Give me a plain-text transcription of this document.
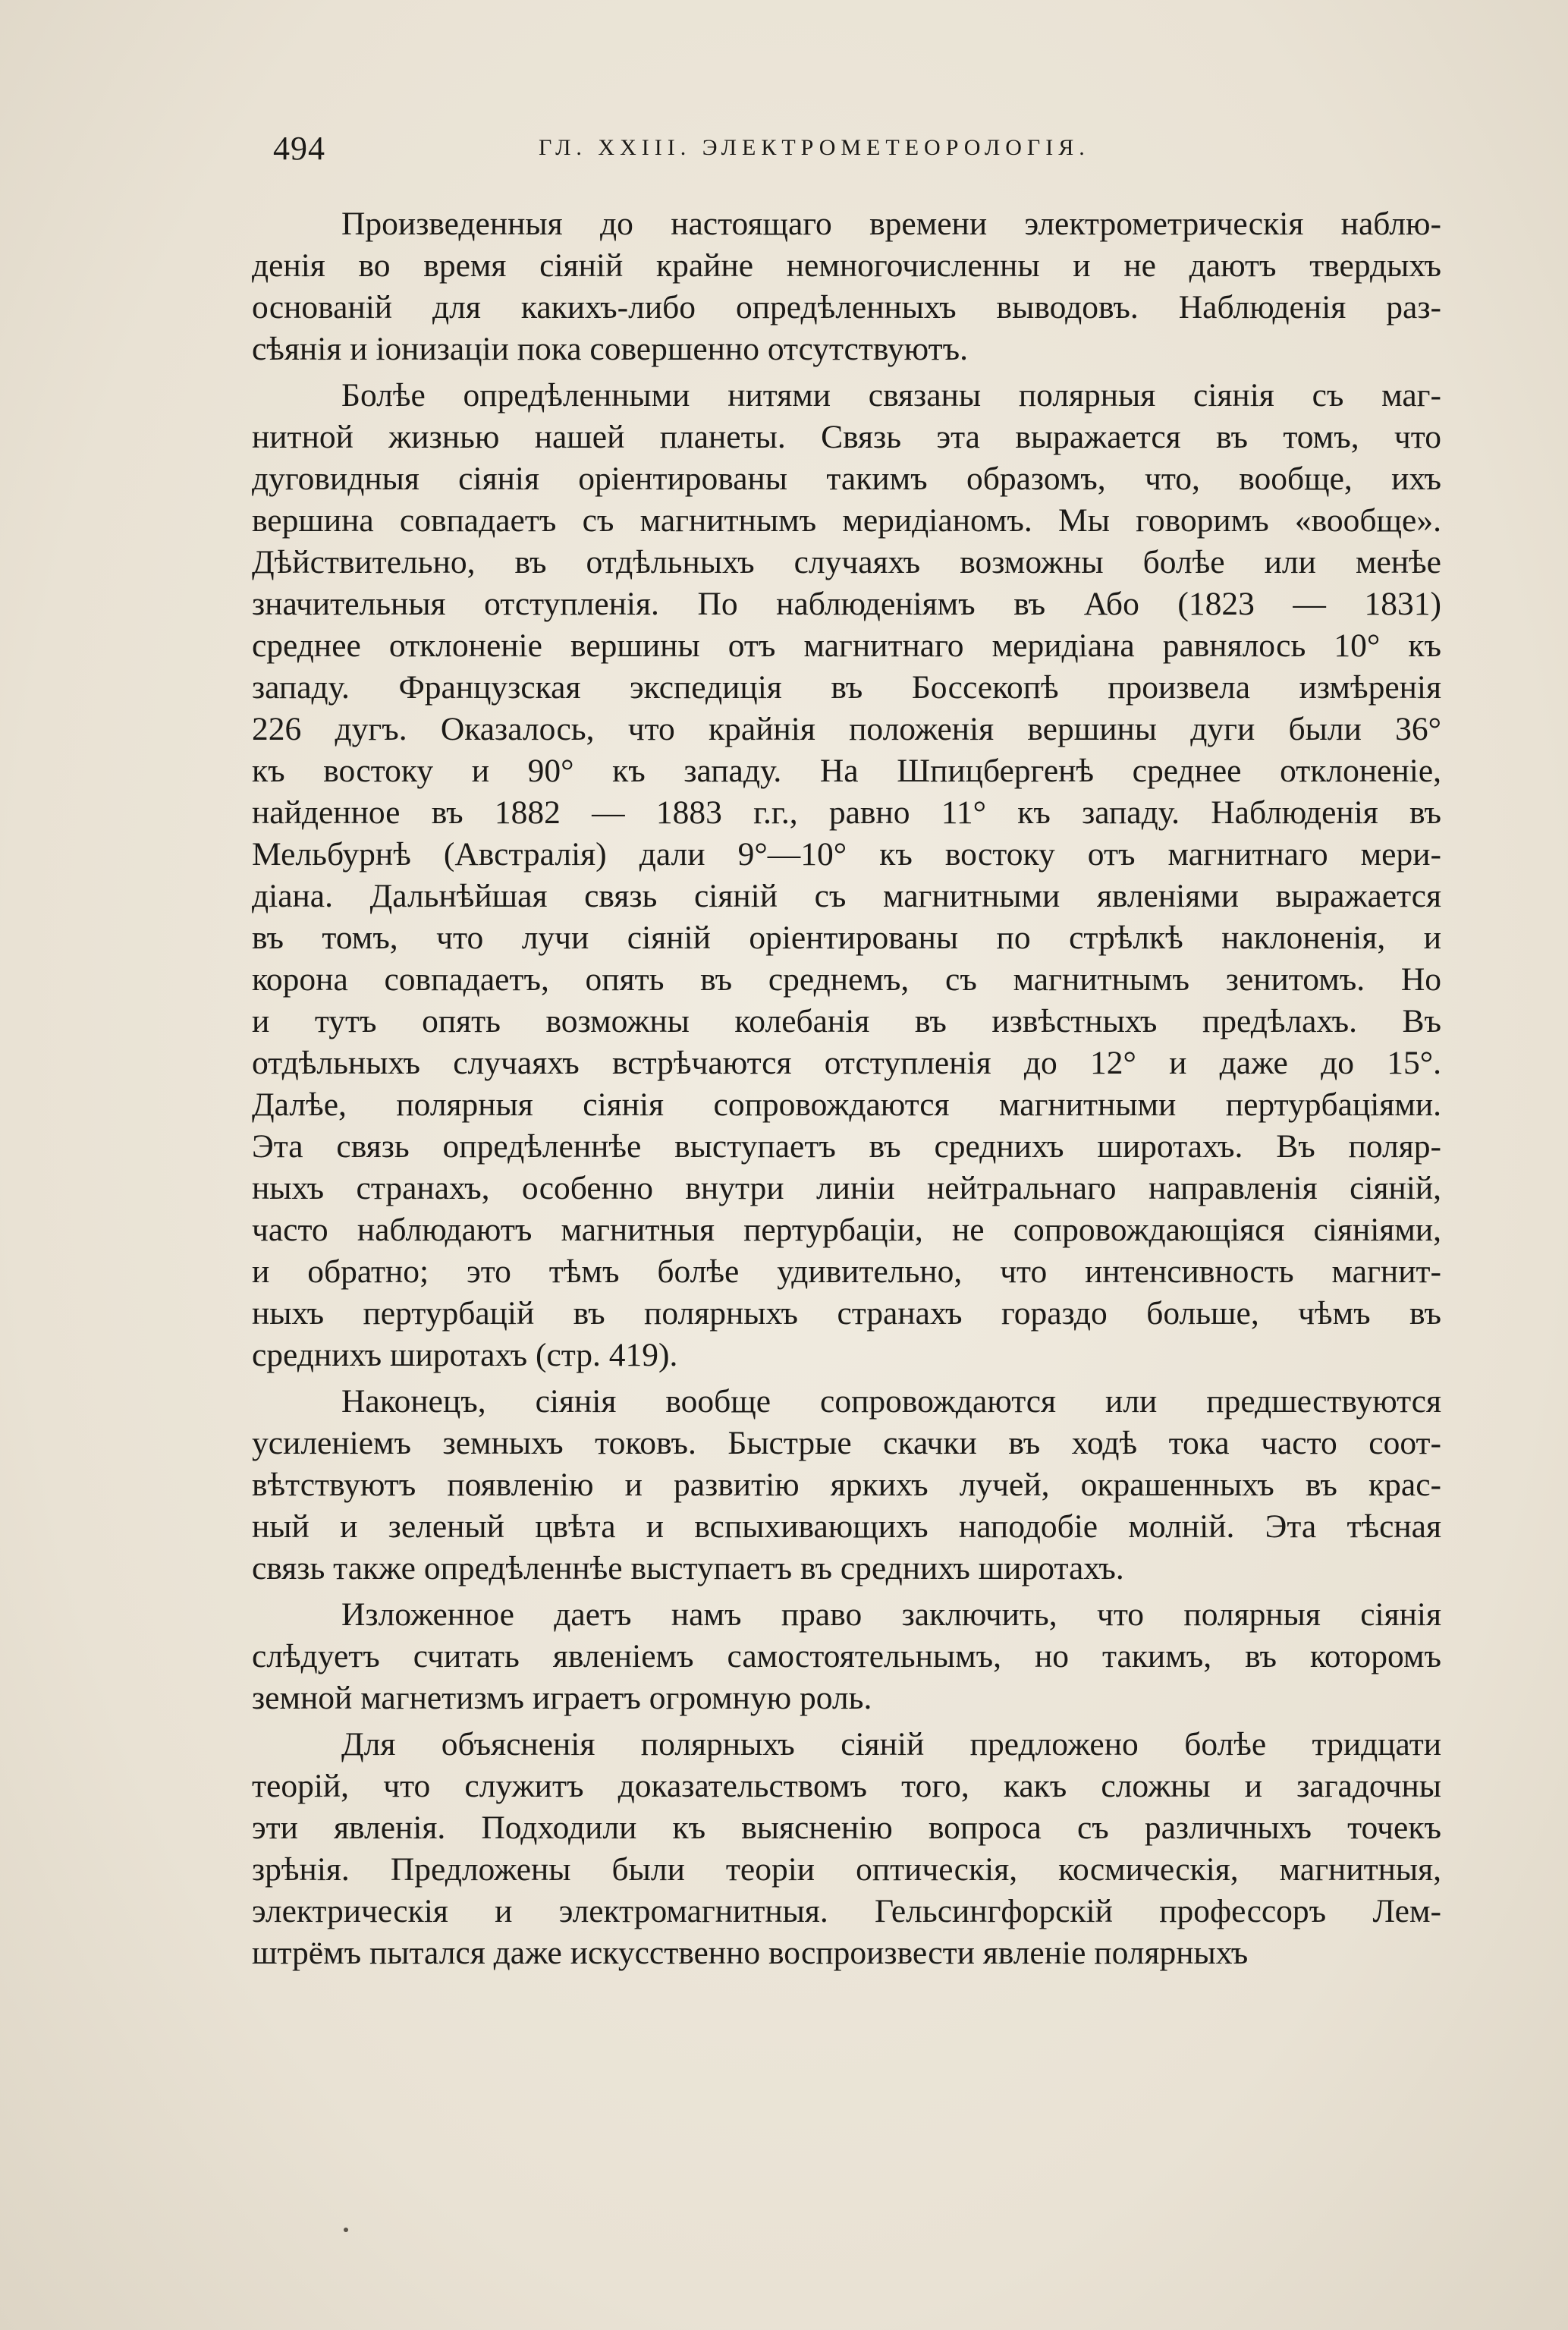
494	ГЛ. XXIII. ЭЛЕКТРОМЕТЕОРОЛОГІЯ.
Произведенныя до настоящаго времени электрометрическія наблю-
денія во время сіяній крайне немногочисленны и не даютъ твердыхъ
основаній для какихъ-либо опредѣленныхъ выводовъ. Наблюденія раз-
сѣянія и іонизаціи пока совершенно отсутствуютъ.
Болѣе опредѣленными нитями связаны полярныя сіянія съ маг-
нитной жизнью нашей планеты. Связь эта выражается въ томъ, что
дуговидныя сіянія оріентированы такимъ образомъ, что, вообще, ихъ
вершина совпадаетъ съ магнитнымъ меридіаномъ. Мы говоримъ «вообще».
Дѣйствительно, въ отдѣльныхъ случаяхъ возможны болѣе или менѣе
значительныя отступленія. По наблюденіямъ въ Або (1823 — 1831)
среднее отклоненіе вершины отъ магнитнаго меридіана равнялось 10° къ
западу. Французская экспедиція въ Боссекопѣ произвела измѣренія
226 дугъ. Оказалось, что крайнія положенія вершины дуги были 36°
къ востоку и 90° къ западу. На Шпицбергенѣ среднее отклоненіе,
найденное въ 1882 — 1883 г.г., равно 11° къ западу. Наблюденія въ
Мельбурнѣ (Австралія) дали 9°—10° къ востоку отъ магнитнаго мери-
діана. Дальнѣйшая связь сіяній съ магнитными явленіями выражается
въ томъ, что лучи сіяній оріентированы по стрѣлкѣ наклоненія, и
корона совпадаетъ, опять въ среднемъ, съ магнитнымъ зенитомъ. Но
и тутъ опять возможны колебанія въ извѣстныхъ предѣлахъ. Въ
отдѣльныхъ случаяхъ встрѣчаются отступленія до 12° и даже до 15°.
Далѣе, полярныя сіянія сопровождаются магнитными пертурбаціями.
Эта связь опредѣленнѣе выступаетъ въ среднихъ широтахъ. Въ поляр-
ныхъ странахъ, особенно внутри линіи нейтральнаго направленія сіяній,
часто наблюдаютъ магнитныя пертурбаціи, не сопровождающіяся сіяніями,
и обратно; это тѣмъ болѣе удивительно, что интенсивность магнит-
ныхъ пертурбацій въ полярныхъ странахъ гораздо больше, чѣмъ въ
среднихъ широтахъ (стр. 419).
Наконецъ, сіянія вообще сопровождаются или предшествуются
усиленіемъ земныхъ токовъ. Быстрые скачки въ ходѣ тока часто соот-
вѣтствуютъ появленію и развитію яркихъ лучей, окрашенныхъ въ крас-
ный и зеленый цвѣта и вспыхивающихъ наподобіе молній. Эта тѣсная
связь также опредѣленнѣе выступаетъ въ среднихъ широтахъ.
Изложенное даетъ намъ право заключить, что полярныя сіянія
слѣдуетъ считать явленіемъ самостоятельнымъ, но такимъ, въ которомъ
земной магнетизмъ играетъ огромную роль.
Для объясненія полярныхъ сіяній предложено болѣе тридцати
теорій, что служитъ доказательствомъ того, какъ сложны и загадочны
эти явленія. Подходили къ выясненію вопроса съ различныхъ точекъ
зрѣнія. Предложены были теоріи оптическія, космическія, магнитныя,
электрическія и электромагнитныя. Гельсингфорскій профессоръ Лем-
штрёмъ пытался даже искусственно воспроизвести явленіе полярныхъ
